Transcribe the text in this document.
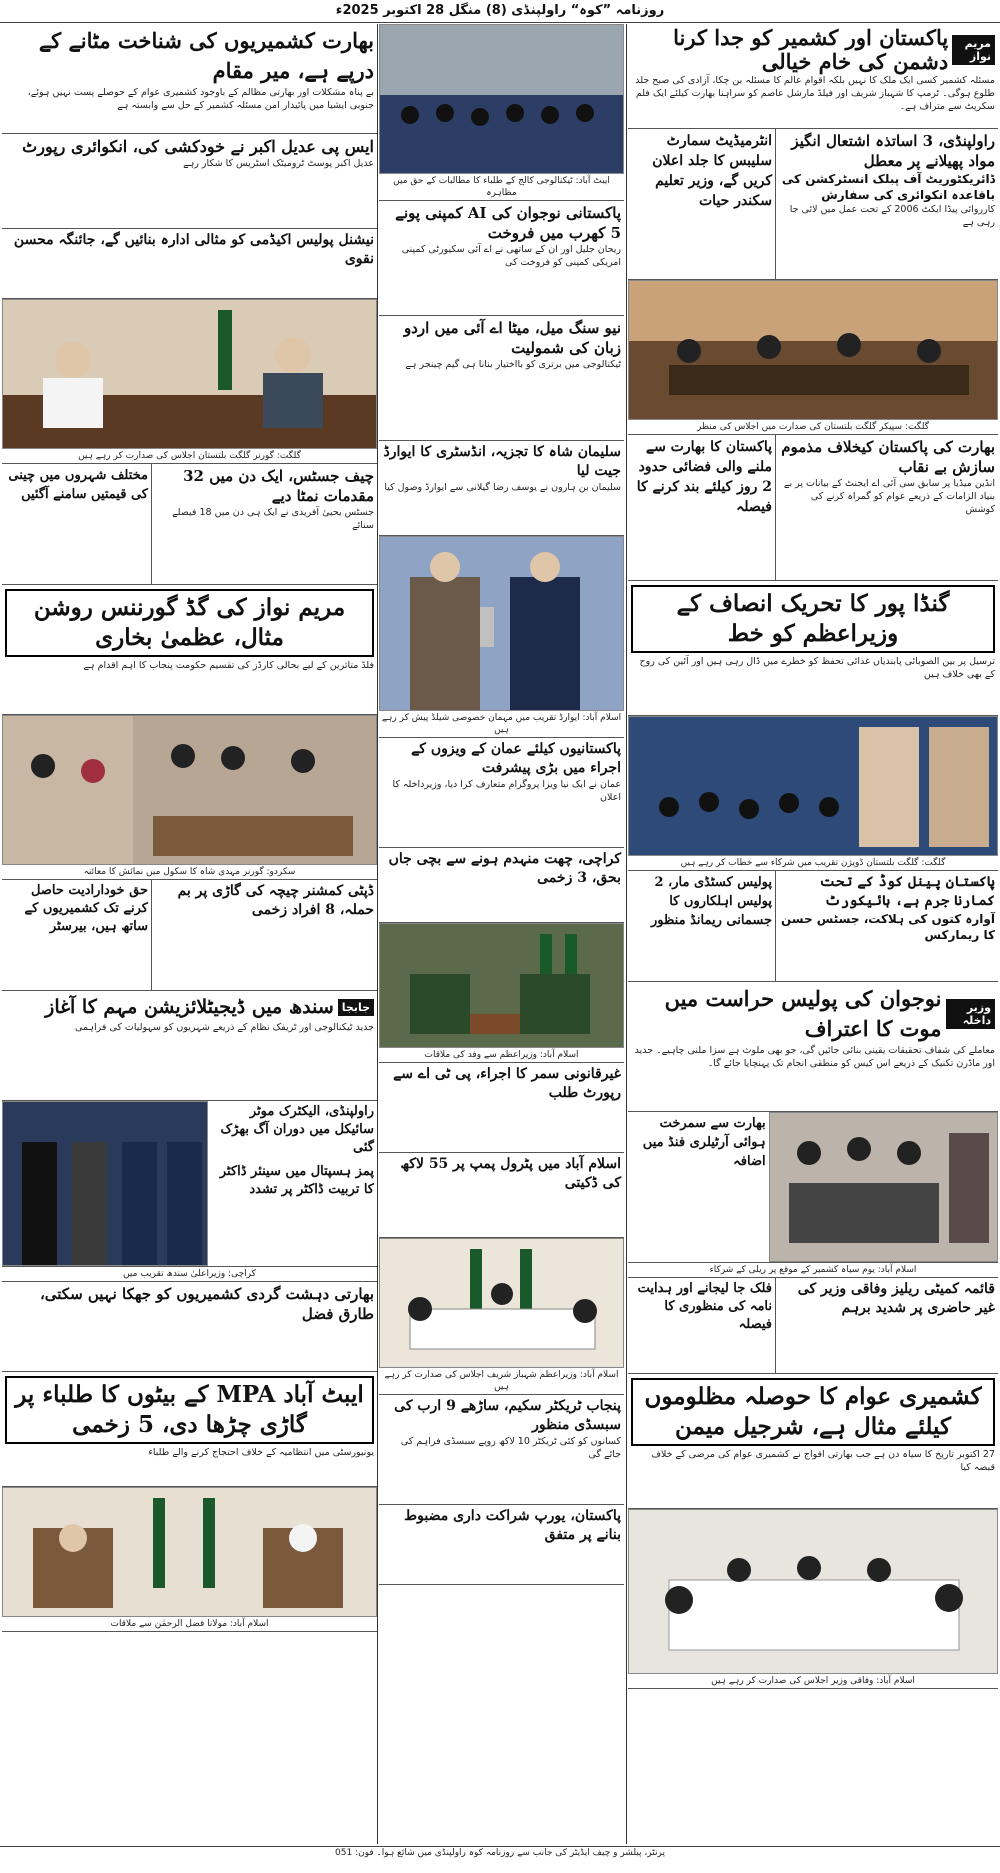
روزنامہ ”کوہ“ راولپنڈی (8) منگل 28 اکتوبر 2025ء
مریم نواز
پاکستان اور کشمیر کو جدا کرنا دشمن کی خام خیالی
مسئلہ کشمیر کسی ایک ملک کا نہیں بلکہ اقوام عالم کا مسئلہ بن چکا، آزادی کی صبح جلد طلوع ہوگی۔ ٹرمپ کا شہباز شریف اور فیلڈ مارشل عاصم کو سراہنا بھارت کیلئے ایک فلم سکرپٹ سے متراف ہے۔
راولپنڈی، 3 اساتذہ اشتعال انگیز مواد پھیلانے پر معطل
ڈائریکٹوریٹ آف پبلک انسٹرکشن کی باقاعدہ انکوائری کی سفارش
کارروائی پیڈا ایکٹ 2006 کے تحت عمل میں لائی جا رہی ہے
انٹرمیڈیٹ سمارٹ سلیبس کا جلد اعلان کریں گے، وزیر تعلیم سکندر حیات
گلگت: سپیکر گلگت بلتستان کی صدارت میں اجلاس کی منظر
بھارت کی پاکستان کیخلاف مذموم سازش بے نقاب
انڈین میڈیا پر سابق سی آئی اے ایجنٹ کے بیانات پر بے بنیاد الزامات کے ذریعے عوام کو گمراہ کرنے کی کوشش
پاکستان کا بھارت سے ملنے والی فضائی حدود 2 روز کیلئے بند کرنے کا فیصلہ
گنڈا پور کا تحریک انصاف کے وزیراعظم کو خط
ترسیل پر بین الصوبائی پابندیاں غذائی تحفظ کو خطرے میں ڈال رہی ہیں اور آئین کی روح کے بھی خلاف ہیں
گلگت: گلگت بلتستان ڈویژن تقریب میں شرکاء سے خطاب کر رہے ہیں
پاکستان پینل کوڈ کے تحت کمارنا جرم ہے، ہائیکورٹ
آوارہ کتوں کی ہلاکت، جسٹس حسن کا ریمارکس
پولیس کسٹڈی مار، 2 پولیس اہلکاروں کا جسمانی ریمانڈ منظور
وزیر داخلہ
نوجوان کی پولیس حراست میں موت کا اعتراف
معاملے کی شفاف تحقیقات یقینی بنائی جائیں گی، جو بھی ملوث ہے سزا ملنی چاہیے۔ جدید اور ماڈرن تکنیک کے ذریعے اس کیس کو منطقی انجام تک پہنچایا جائے گا۔
بھارت سے سمرخت ہوائی آرٹیلری فنڈ میں اضافہ
اسلام آباد: یوم سیاہ کشمیر کے موقع پر ریلی کے شرکاء
قائمہ کمیٹی ریلیز وفاقی وزیر کی غیر حاضری پر شدید برہم
فلک جا لیجانے اور ہدایت نامہ کی منظوری کا فیصلہ
کشمیری عوام کا حوصلہ مظلوموں کیلئے مثال ہے، شرجیل میمن
27 اکتوبر تاریخ کا سیاہ دن ہے جب بھارتی افواج نے کشمیری عوام کی مرضی کے خلاف قبضہ کیا
اسلام آباد: وفاقی وزیر اجلاس کی صدارت کر رہے ہیں
ایبٹ آباد: ٹیکنالوجی کالج کے طلباء کا مطالبات کے حق میں مظاہرہ
پاکستانی نوجوان کی AI کمپنی پونے 5 کھرب میں فروخت
ریحان جلیل اور ان کے ساتھی نے اے آئی سکیورٹی کمپنی امریکی کمپنی کو فروخت کی
نیو سنگ میل، میٹا اے آئی میں اردو زبان کی شمولیت
ٹیکنالوجی میں برتری کو بااختیار بنانا ہی گیم چینجر ہے
سلیمان شاہ کا تجزیہ، انڈسٹری کا ایوارڈ جیت لیا
سلیمان بن ہارون نے یوسف رضا گیلانی سے ایوارڈ وصول کیا
اسلام آباد: ایوارڈ تقریب میں مہمان خصوصی شیلڈ پیش کر رہے ہیں
پاکستانیوں کیلئے عمان کے ویزوں کے اجراء میں بڑی پیشرفت
عمان نے ایک نیا ویزا پروگرام متعارف کرا دیا، وزیرداخلہ کا اعلان
کراچی، چھت منہدم ہونے سے بچی جاں بحق، 3 زخمی
اسلام آباد: وزیراعظم سے وفد کی ملاقات
غیرقانونی سمر کا اجراء، پی ٹی اے سے رپورٹ طلب
اسلام آباد میں پٹرول پمپ پر 55 لاکھ کی ڈکیتی
اسلام آباد: وزیراعظم شہباز شریف اجلاس کی صدارت کر رہے ہیں
پنجاب ٹریکٹر سکیم، ساڑھے 9 ارب کی سبسڈی منظور
کسانوں کو کئی ٹریکٹر 10 لاکھ روپے سبسڈی فراہم کی جائے گی
پاکستان، یورپ شراکت داری مضبوط بنانے پر متفق
بھارت کشمیریوں کی شناخت مٹانے کے درپے ہے، میر مقام
بے پناہ مشکلات اور بھارتی مظالم کے باوجود کشمیری عوام کے حوصلے پست نہیں ہوئے، جنوبی ایشیا میں پائیدار امن مسئلہ کشمیر کے حل سے وابستہ ہے
ایس پی عدیل اکبر نے خودکشی کی، انکوائری رپورٹ
عدیل اکبر پوسٹ ٹرومیٹک اسٹریس کا شکار رہے
نیشنل پولیس اکیڈمی کو مثالی ادارہ بنائیں گے، جائنگہ محسن نقوی
گلگت: گورنر گلگت بلتستان اجلاس کی صدارت کر رہے ہیں
چیف جسٹس، ایک دن میں 32 مقدمات نمٹا دیے
جسٹس یحییٰ آفریدی نے ایک ہی دن میں 18 فیصلے سنائے
مختلف شہروں میں چینی کی قیمتیں سامنے آگئیں
مریم نواز کی گڈ گورننس روشن مثال، عظمیٰ بخاری
فلڈ متاثرین کے لیے بحالی کارڈز کی تقسیم حکومت پنجاب کا اہم اقدام ہے
سکردو: گورنر مہدی شاہ کا سکول میں نمائش کا معائنہ
ڈپٹی کمشنر چیچہ کی گاڑی پر بم حملہ، 8 افراد زخمی
حق خودارادیت حاصل کرنے تک کشمیریوں کے ساتھ ہیں، بیرسٹر
جابجا
سندھ میں ڈیجیٹلائزیشن مہم کا آغاز
جدید ٹیکنالوجی اور ٹریفک نظام کے ذریعے شہریوں کو سہولیات کی فراہمی
راولپنڈی، الیکٹرک موٹر سائیکل میں دوران آگ بھڑک گئی
پمز ہسپتال میں سینئر ڈاکٹر کا تربیت ڈاکٹر پر تشدد
کراچی: وزیراعلیٰ سندھ تقریب میں
بھارتی دہشت گردی کشمیریوں کو جھکا نہیں سکتی، طارق فضل
ایبٹ آباد MPA کے بیٹوں کا طلباء پر گاڑی چڑھا دی، 5 زخمی
یونیورسٹی میں انتظامیہ کے خلاف احتجاج کرنے والے طلباء
اسلام آباد: مولانا فضل الرحمٰن سے ملاقات
پرنٹر، پبلشر و چیف ایڈیٹر کی جانب سے روزنامہ کوہ راولپنڈی میں شائع ہوا۔ فون: 051
